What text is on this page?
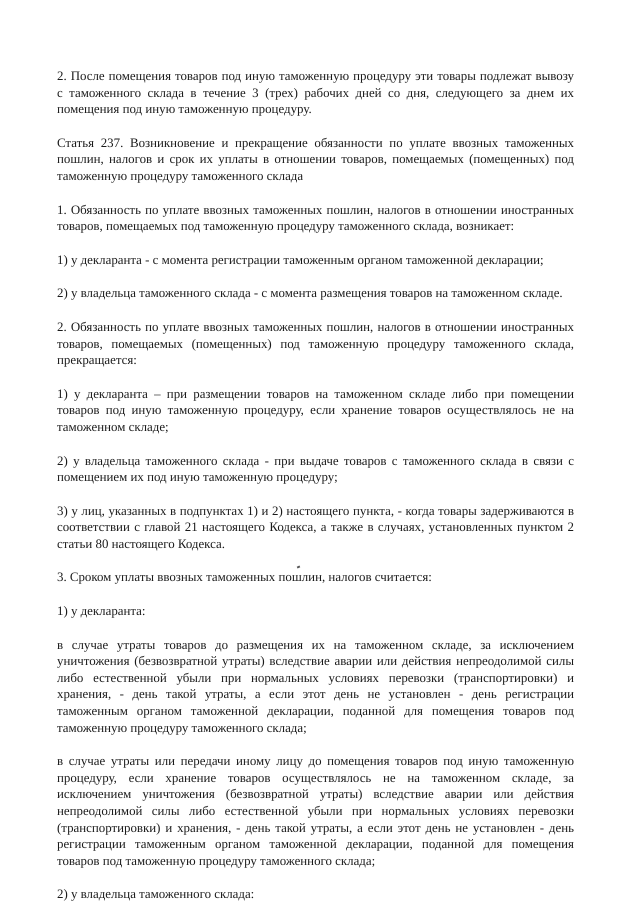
2. После помещения товаров под иную таможенную процедуру эти товары подлежат вывозу с таможенного склада в течение 3 (трех) рабочих дней со дня, следующего за днем их помещения под иную таможенную процедуру.

Статья 237. Возникновение и прекращение обязанности по уплате ввозных таможенных пошлин, налогов и срок их уплаты в отношении товаров, помещаемых (помещенных) под таможенную процедуру таможенного склада

1. Обязанность по уплате ввозных таможенных пошлин, налогов в отношении иностранных товаров, помещаемых под таможенную процедуру таможенного склада, возникает:

1) у декларанта - с момента регистрации таможенным органом таможенной декларации;

2) у владельца таможенного склада - с момента размещения товаров на таможенном складе.

2. Обязанность по уплате ввозных таможенных пошлин, налогов в отношении иностранных товаров, помещаемых (помещенных) под таможенную процедуру таможенного склада, прекращается:

1) у декларанта – при размещении товаров на таможенном складе либо при помещении товаров под иную таможенную процедуру, если хранение товаров осуществлялось не на таможенном складе;

2) у владельца таможенного склада - при выдаче товаров с таможенного склада в связи с помещением их под иную таможенную процедуру;

3) у лиц, указанных в подпунктах 1) и 2) настоящего пункта, - когда товары задерживаются в соответствии с главой 21 настоящего Кодекса, а также в случаях, установленных пунктом 2 статьи 80 настоящего Кодекса.

3. Сроком уплаты ввозных таможенных пошлин, налогов считается:

1) у декларанта:

в случае утраты товаров до размещения их на таможенном складе, за исключением уничтожения (безвозвратной утраты) вследствие аварии или действия непреодолимой силы либо естественной убыли при нормальных условиях перевозки (транспортировки) и хранения, - день такой утраты, а если этот день не установлен - день регистрации таможенным органом таможенной декларации, поданной для помещения товаров под таможенную процедуру таможенного склада;

в случае утраты или передачи иному лицу до помещения товаров под иную таможенную процедуру, если хранение товаров осуществлялось не на таможенном складе, за исключением уничтожения (безвозвратной утраты) вследствие аварии или действия непреодолимой силы либо естественной убыли при нормальных условиях перевозки (транспортировки) и хранения, - день такой утраты, а если этот день не установлен - день регистрации таможенным органом таможенной декларации, поданной для помещения товаров под таможенную процедуру таможенного склада;

2) у владельца таможенного склада:
